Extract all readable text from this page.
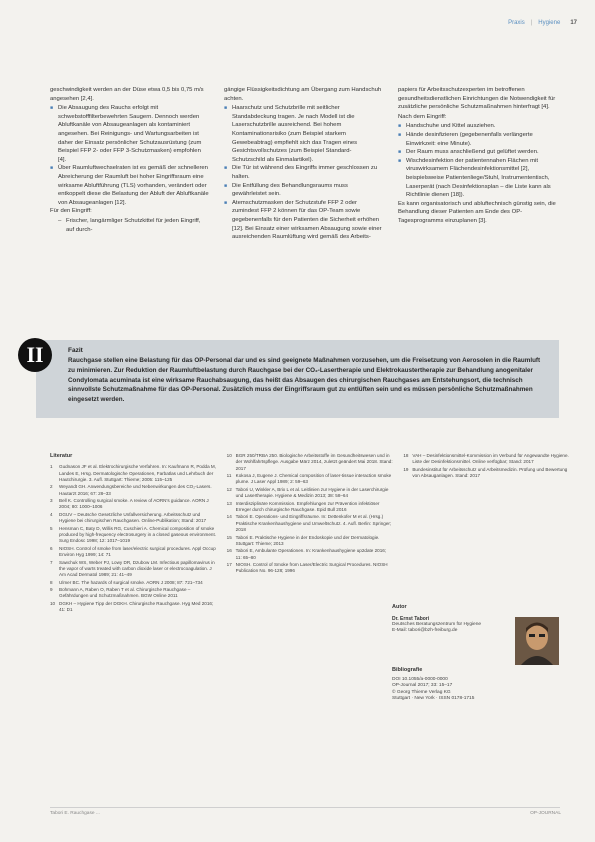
Praxis | Hygiene 17

geschwindigkeit werden an der Düse etwa 0,5 bis 0,75 m/s angesehen [2,4].

■ Die Absaugung des Rauchs erfolgt mit schwebstofffilterbewehrten Saugern. Dennoch werden Abluftkanäle von Absaugeanlagen als kontaminiert angesehen. Bei Reinigungs- und Wartungsarbeiten ist daher der Einsatz persönlicher Schutzausrüstung (zum Beispiel FFP 2- oder FFP 3-Schutzmasken) empfohlen [4].
■ Über Raumluftwechselraten ist es gemäß der schnelleren Abreicherung der Raumluft bei hoher Eingriffsraum eine wirksame Abluftführung (TLS) vorhanden, verändert oder entkoppelt diese die Belastung der Abluft der Abluftkanäle von Absaugeanlagen [12].

Für den Eingriff:

– Frischer, langärmliger Schutzkittel für jeden Eingriff, auf durch-

gängige Flüssigkeitsdichtung am Übergang zum Handschuh achten.

■ Haarschutz und Schutzbrille mit seitlicher Standabdeckung tragen. Je nach Modell ist die Laserschutzbrille ausreichend. Bei hohem Kontaminationsrisiko (zum Beispiel starkem Gewebeabtrag) empfiehlt sich das Tragen eines Gesichtsvollschutzes (zum Beispiel Standard-Schutzschild als Einmalartikel).
■ Die Tür ist während des Eingriffs immer geschlossen zu halten.
■ Die Entfüllung des Behandlungsraums muss gewährleistet sein.
■ Atemschutzmasken der Schutzstufe FFP 2 oder zumindest FFP 2 können für das OP-Team sowie gegebenenfalls für den Patienten die Sicherheit erhöhen [12]. Bei Einsatz einer wirksamen Absaugung sowie einer ausreichenden Raumlüftung wird gemäß des Arbeits-

papiers für Arbeitsschutzexperten im betroffenen gesundheitsdienstlichen Einrichtungen die Notwendigkeit für zusätzliche persönliche Schutzmaßnahmen hinterfragt [4].

Nach dem Eingriff:

■ Handschuhe und Kittel ausziehen.
■ Hände desinfizieren (gegebenenfalls verlängerte Einwirkzeit: eine Minute).
■ Der Raum muss anschließend gut gelüftet werden.
■ Wischdesinfektion der patientennahen Flächen mit viruswirksamem Flächendesinfektionsmittel [2], beispielsweise Patientenliege/Stuhl, Instrumententisch, Laserperät (nach Desinfektionsplan – die Liste kann als Richtlinie dienen [18]).

Es kann organisatorisch und abluftechnisch günstig sein, die Behandlung dieser Patienten am Ende des OP-Tagesprogramms einzuplanen [3].

II	Fazit
Rauchgase stellen eine Belastung für das OP-Personal dar und es sind geeignete Maßnahmen vorzusehen, um die Freisetzung von Aerosolen in die Raumluft zu minimieren. Zur Reduktion der Raumluftbelastung durch Rauchgase bei der CO₂-Lasertherapie und Elektrokaustertherapie zur Behandlung anogenitaler Condylomata acuminata ist eine wirksame Rauchabsaugung, das heißt das Absaugen des chirurgischen Rauchgases am Entstehungsort, die technisch sinnvollste Schutzmaßnahme für das OP-Personal. Zusätzlich muss der Eingriffsraum gut zu entlüften sein und es müssen persönliche Schutzmaßnahmen eingesetzt werden.
Literatur
1	Gudnason JF et al. Elektrochirurgische Verfahren. In: Kaufmann R, Podda M, Landes E, Hrsg. Dermatologische Operationen, Farbatlas und Lehrbuch der Hautchirurgie. 3. Aufl. Stuttgart: Thieme; 2005: 115–125
2	Weyandt GH. Anwendungsbereiche und Nebenwirkungen des CO₂-Lasers. Hautarzt 2016; 67: 28–33
3	Bell K. Controlling surgical smoke. A review of AORN's guidance. AORN J 2004; 80: 1000–1006
4	DGUV – Deutsche Gesetzliche Unfallversicherung. Arbeitsschutz und Hygiene bei chirurgischen Rauchgasen. Online-Publikation; Stand: 2017
5	Hensman C, Baty D, Willis RG, Cuschieri A. Chemical composition of smoke produced by high-frequency electrosurgery in a closed gaseous environment. Surg Endosc 1998; 12: 1017–1019
6	NIOSH. Control of smoke from laser/electric surgical procedures. Appl Occup Environ Hyg 1999; 14: 71
7	Sawchuk WS, Weber PJ, Lowy DR, Dzubow LM. Infectious papillomavirus in the vapor of warts treated with carbon dioxide laser or electrocoagulation. J Am Acad Dermatol 1989; 21: 41–49
8	Ulmer BC. The hazards of surgical smoke. AORN J 2008; 87: 721–734
9	Bohmann A, Raben O, Raben T et al. Chirurgische Rauchgase – Gefährdungen und Schutzmaßnahmen. BGW Online 2011
10 DGKH – Hygiene Tipp der DGKH. Chirurgische Rauchgase. Hyg Med 2016; 41: D1
10 BGR 250/TRBA 250. Biologische Arbeitsstoffe im Gesundheitswesen und in der Wohlfahrtspflege. Ausgabe März 2014, zuletzt geändert Mai 2018. Stand: 2017
11 Kokosa J, Eugene J. Chemical composition of laser-tissue interaction smoke plume. J Laser Appl 1989; 2: 59–63
12 Tabori U, Winkler A, Brix L et al. Leitlinien zur Hygiene in der Laserchirurgie und Lasertherapie. Hygiene & Medizin 2013; 38: 58–64
13 Interdisziplinäre Kommission. Empfehlungen zur Prävention infektiöser Erreger durch chirurgische Rauchgase. Epid Bull 2016
14 Tabori E. Operations- und Eingriffsräume. In: Dettenkofer M et al. (Hrsg.) Praktische Krankenhaushygiene und Umweltschutz. 4. Aufl. Berlin: Springer; 2018
15 Tabori E. Praktische Hygiene in der Endoskopie und der Dermatologie. Stuttgart: Thieme; 2013
16 Tabori E, Ambulante Operationen. In: Krankenhaushygiene up2date 2016; 11: 65–80
17 NIOSH. Control of Smoke from Laser/Electric Surgical Procedures. NIOSH Publication No. 96-128; 1996
18 VAH – Desinfektionsmittel-Kommission im Verbund für Angewandte Hygiene. Liste der Desinfektionsmittel. Online verfügbar; Stand: 2017
19 Bundesinstitut für Arbeitsschutz und Arbeitsmedizin. Prüfung und Bewertung von Absauganlagen. Stand: 2017
Autor
Dr. Ernst Tabori
Deutsches Beratungszentrum für Hygiene
E-Mail: tabori@bzh-freiburg.de
Bibliografie
DOI 10.1055/a-0000-0000
OP-Journal 2017; 33: 15–17
© Georg Thieme Verlag KG
Stuttgart · New York · ISSN 0178-1715
Tabori E. Rauchgase ...	OP-JOURNAL
